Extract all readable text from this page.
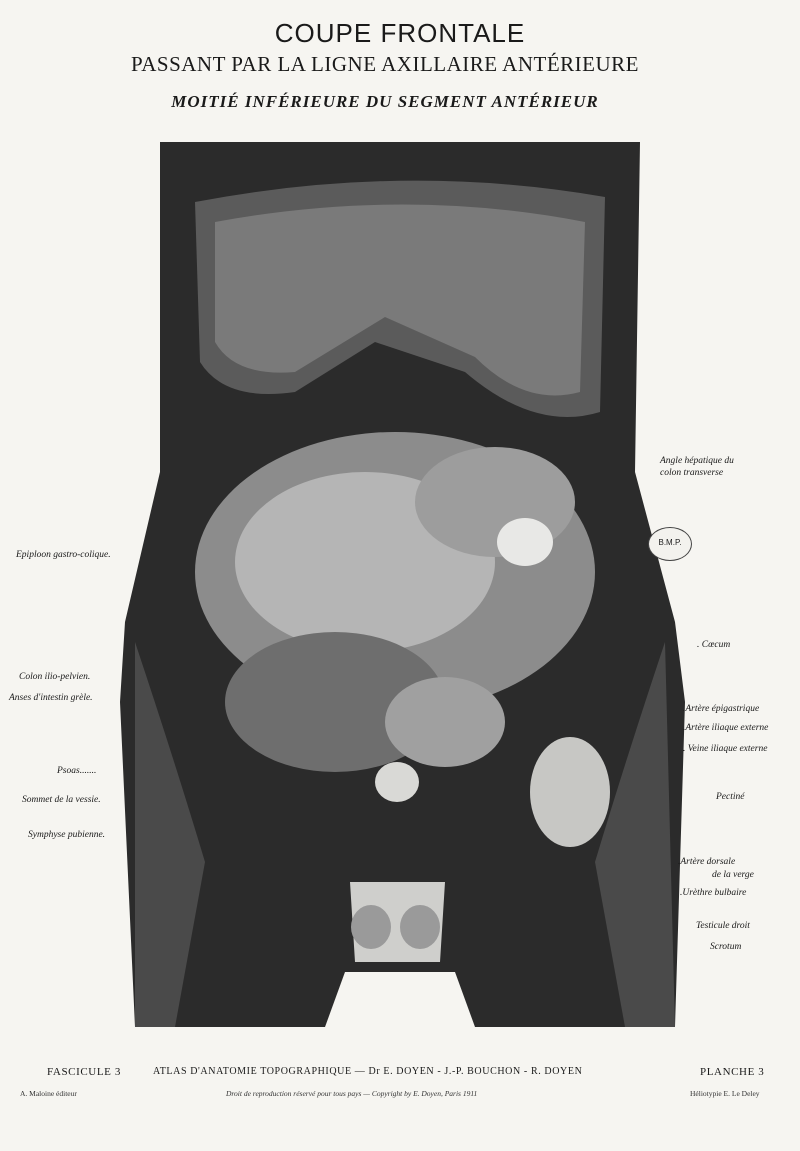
COUPE FRONTALE
PASSANT PAR LA LIGNE AXILLAIRE ANTÉRIEURE
MOITIÉ INFÉRIEURE DU SEGMENT ANTÉRIEUR
B.M.P.
Epiploon gastro-colique.
Colon ilio-pelvien.
Anses d'intestin grèle.
Psoas.......
Sommet de la vessie.
Symphyse pubienne.
Angle hépatique du
colon transverse
. Cœcum
.Artère épigastrique
.Artère iliaque externe
. Veine iliaque externe
Pectiné
.Artère dorsale
de la verge
.Urèthre bulbaire
Testicule droit
Scrotum
FASCICULE 3	ATLAS D'ANATOMIE TOPOGRAPHIQUE — Dr E. DOYEN - J.-P. BOUCHON - R. DOYEN	PLANCHE 3
A. Maloine éditeur	Droit de reproduction réservé pour tous pays — Copyright by E. Doyen, Paris 1911	Héliotypie E. Le Deley
